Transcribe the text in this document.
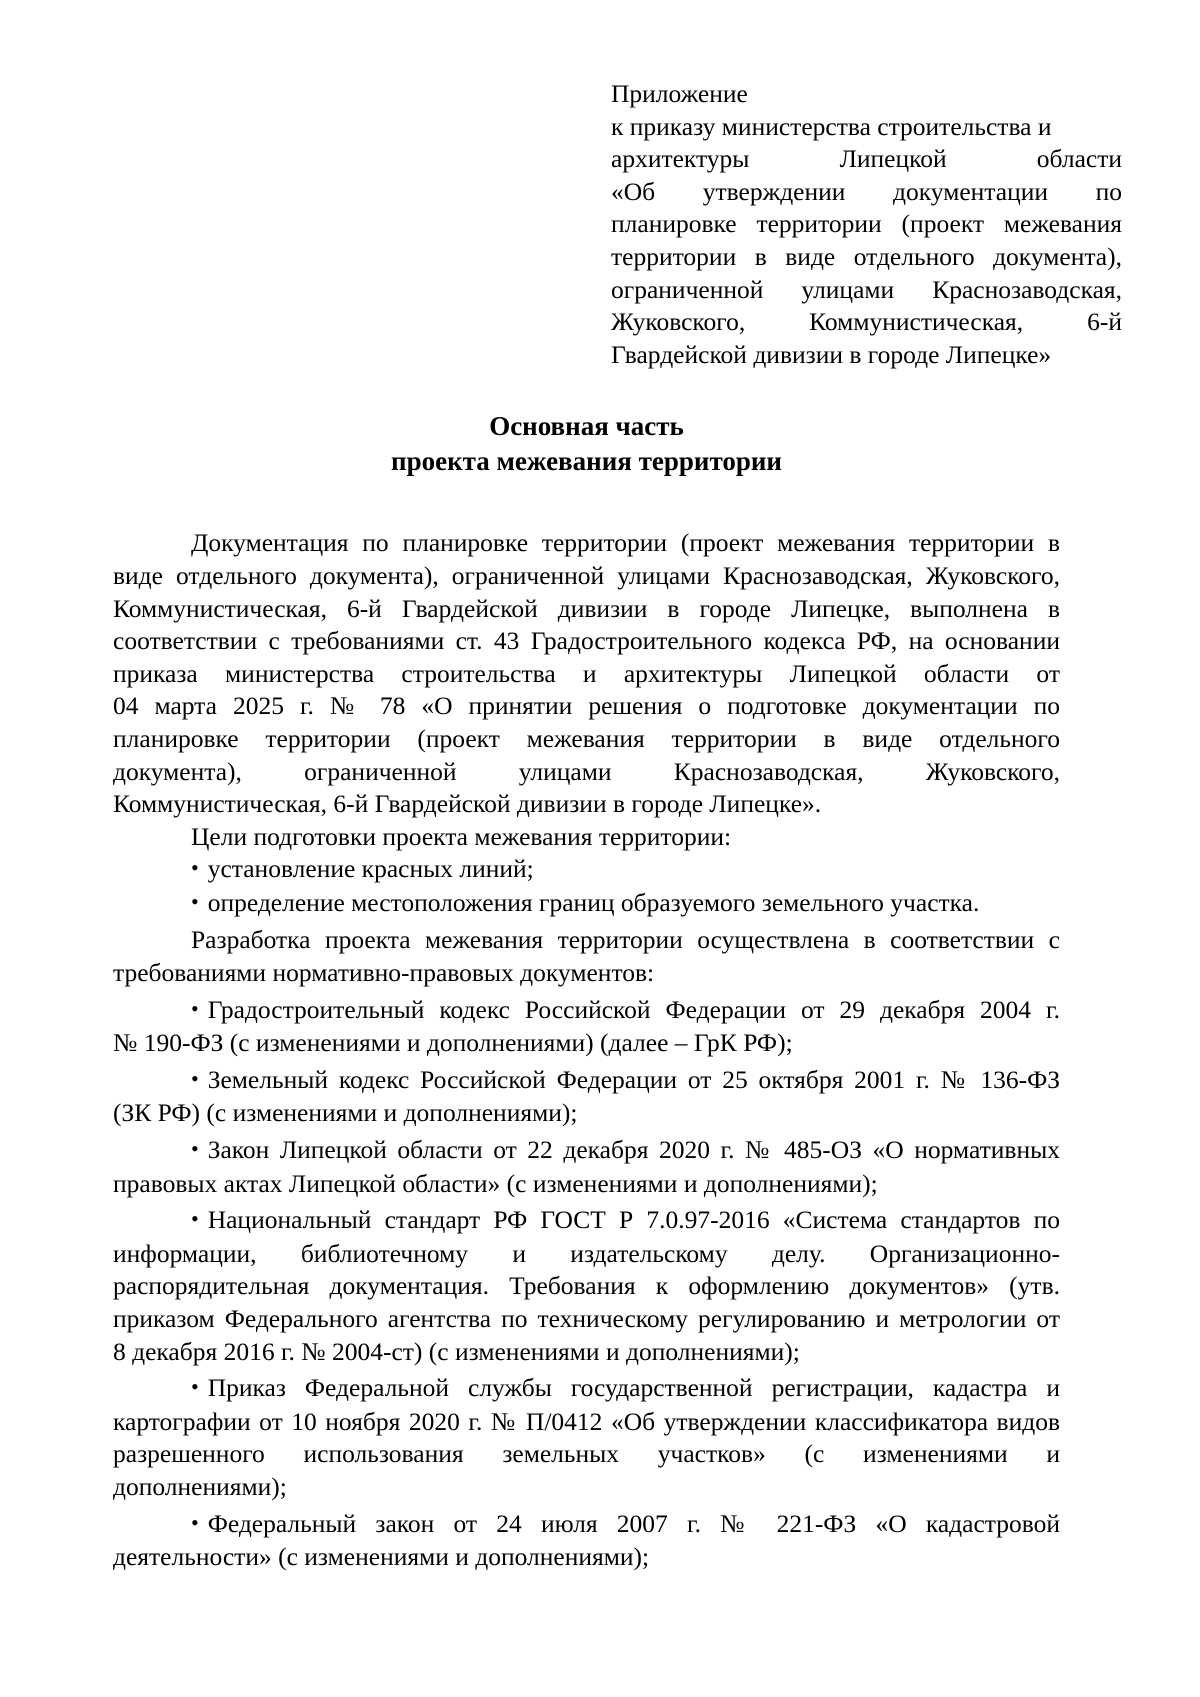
Приложение
к приказу министерства строительства и
архитектуры Липецкой области
«Об утверждении документации по
планировке территории (проект межевания
территории в виде отдельного документа),
ограниченной улицами Краснозаводская,
Жуковского, Коммунистическая, 6-й
Гвардейской дивизии в городе Липецке»
Основная часть
проекта межевания территории
Документация по планировке территории (проект межевания территории в
виде отдельного документа), ограниченной улицами Краснозаводская, Жуковского,
Коммунистическая, 6-й Гвардейской дивизии в городе Липецке, выполнена в
соответствии с требованиями ст. 43 Градостроительного кодекса РФ, на основании
приказа министерства строительства и архитектуры Липецкой области от
04 марта 2025 г. № 78 «О принятии решения о подготовке документации по
планировке территории (проект межевания территории в виде отдельного
документа), ограниченной улицами Краснозаводская, Жуковского,
Коммунистическая, 6-й Гвардейской дивизии в городе Липецке».
Цели подготовки проекта межевания территории:
• установление красных линий;
• определение местоположения границ образуемого земельного участка.
Разработка проекта межевания территории осуществлена в соответствии с
требованиями нормативно-правовых документов:
• Градостроительный кодекс Российской Федерации от 29 декабря 2004 г.
№ 190-ФЗ (с изменениями и дополнениями) (далее – ГрК РФ);
• Земельный кодекс Российской Федерации от 25 октября 2001 г. № 136-ФЗ
(ЗК РФ) (с изменениями и дополнениями);
• Закон Липецкой области от 22 декабря 2020 г. № 485-ОЗ «О нормативных
правовых актах Липецкой области» (с изменениями и дополнениями);
• Национальный стандарт РФ ГОСТ Р 7.0.97-2016 «Система стандартов по
информации, библиотечному и издательскому делу. Организационно-
распорядительная документация. Требования к оформлению документов» (утв.
приказом Федерального агентства по техническому регулированию и метрологии от
8 декабря 2016 г. № 2004-ст) (с изменениями и дополнениями);
• Приказ Федеральной службы государственной регистрации, кадастра и
картографии от 10 ноября 2020 г. № П/0412 «Об утверждении классификатора видов
разрешенного использования земельных участков» (с изменениями и
дополнениями);
• Федеральный закон от 24 июля 2007 г. № 221-ФЗ «О кадастровой
деятельности» (с изменениями и дополнениями);
